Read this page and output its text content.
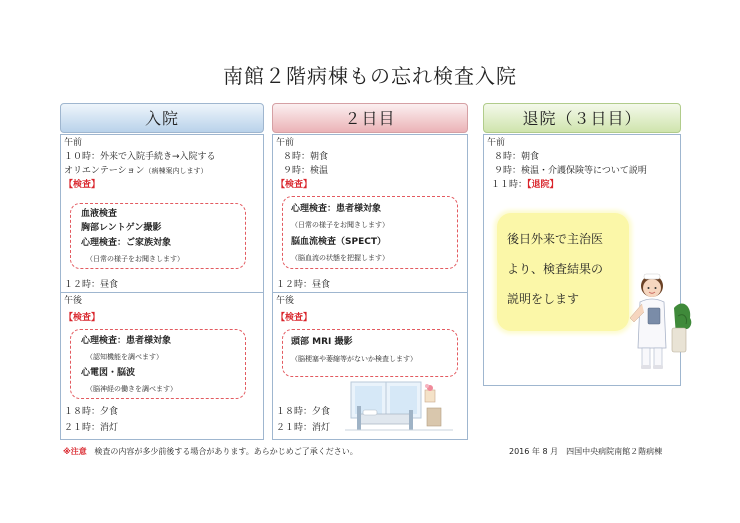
南館２階病棟もの忘れ検査入院
入院
午前
１０時：外来で入院手続き→入院する
オリエンテーション（病棟案内します）
【検査】
血液検査
胸部レントゲン撮影
心理検査：ご家族対象
（日常の様子をお聞きします）
１２時：昼食
午後
【検査】
心理検査：患者様対象
（認知機能を調べます）
心電図・脳波
（脳神経の働きを調べます）
１８時：夕食
２１時：消灯
２日目
午前
８時：朝食
９時：検温
【検査】
心理検査：患者様対象
（日常の様子をお聞きします）
脳血流検査（SPECT）
（脳血流の状態を把握します）
１２時：昼食
午後
【検査】
頭部 MRI 撮影
（脳梗塞や萎縮等がないか検査します）
１８時：夕食
２１時：消灯
退院（３日目）
午前
８時：朝食
９時：検温・介護保険等について説明
１１時：【退院】
後日外来で主治医
より、検査結果の
説明をします
※注意 検査の内容が多少前後する場合があります。あらかじめご了承ください。	2016 年 8 月　四国中央病院南館２階病棟
